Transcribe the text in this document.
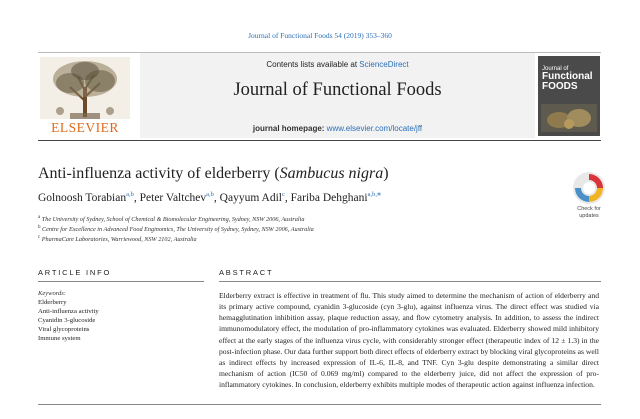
Journal of Functional Foods 54 (2019) 353–360
Contents lists available at ScienceDirect
Journal of Functional Foods
journal homepage: www.elsevier.com/locate/jff
ELSEVIER
Journal of
Functional
FOODS
Anti-influenza activity of elderberry (Sambucus nigra)
Golnoosh Torabian$^{a,b}$, Peter Valtchev$^{a,b}$, Qayyum Adil$^c$, Fariba Dehghani$^{a,b,⁎}$
Check for
updates
$^a$ The University of Sydney, School of Chemical & Biomolecular Engineering, Sydney, NSW 2006, Australia
$^b$ Centre for Excellence in Advanced Food Enginomics, The University of Sydney, Sydney, NSW 2006, Australia
$^c$ PharmaCare Laboratories, Warriewood, NSW 2102, Australia
ARTICLE INFO	ABSTRACT
Keywords:
Elderberry
Anti-influenza activity
Cyanidin 3-glucoside
Viral glycoproteins
Immune system
Elderberry extract is effective in treatment of flu. This study aimed to determine the mechanism of action of elderberry and its primary active compound, cyanidin 3-glucoside (cyn 3-glu), against influenza virus. The direct effect was studied via hemagglutination inhibition assay, plaque reduction assay, and flow cytometry analysis. In addition, to assess the indirect immunomodulatory effect, the modulation of pro-inflammatory cytokines was evaluated. Elderberry showed mild inhibitory effect at the early stages of the influenza virus cycle, with considerably stronger effect (therapeutic index of 12 ± 1.3) in the post-infection phase. Our data further support both direct effects of elderberry extract by blocking viral glycoproteins as well as indirect effects by increased expression of IL-6, IL-8, and TNF. Cyn 3-glu despite demonstrating a similar direct mechanism of action (IC50 of 0.069 mg/ml) compared to the elderberry juice, did not affect the expression of pro-inflammatory cytokines. In conclusion, elderberry exhibits multiple modes of therapeutic action against influenza infection.
